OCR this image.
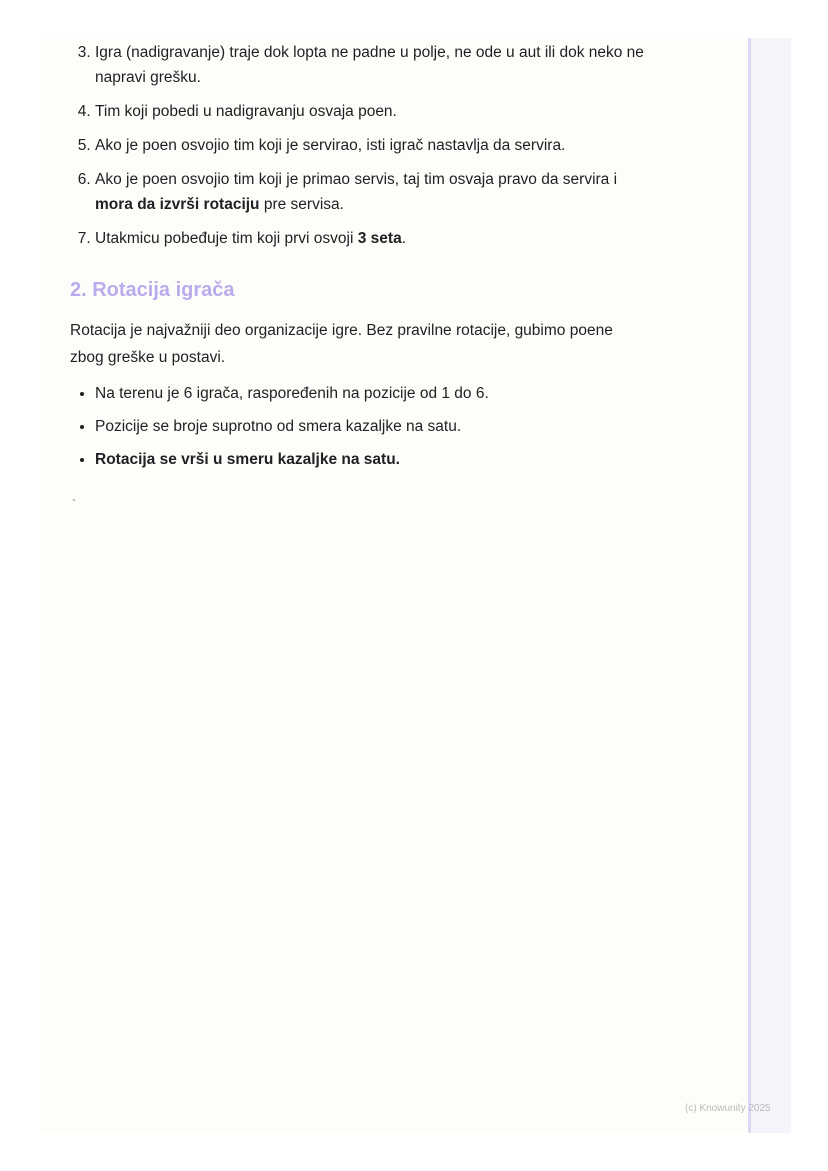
3. Igra (nadigravanje) traje dok lopta ne padne u polje, ne ode u aut ili dok neko ne napravi grešku.
4. Tim koji pobedi u nadigravanju osvaja poen.
5. Ako je poen osvojio tim koji je servirao, isti igrač nastavlja da servira.
6. Ako je poen osvojio tim koji je primao servis, taj tim osvaja pravo da servira i mora da izvrši rotaciju pre servisa.
7. Utakmicu pobeđuje tim koji prvi osvoji 3 seta.
2. Rotacija igrača

Rotacija je najvažniji deo organizacije igre. Bez pravilne rotacije, gubimo poene zbog greške u postavi.

• Na terenu je 6 igrača, raspoređenih na pozicije od 1 do 6.
• Pozicije se broje suprotno od smera kazaljke na satu.
• Rotacija se vrši u smeru kazaljke na satu.
`
(c) Knowunity 2025
